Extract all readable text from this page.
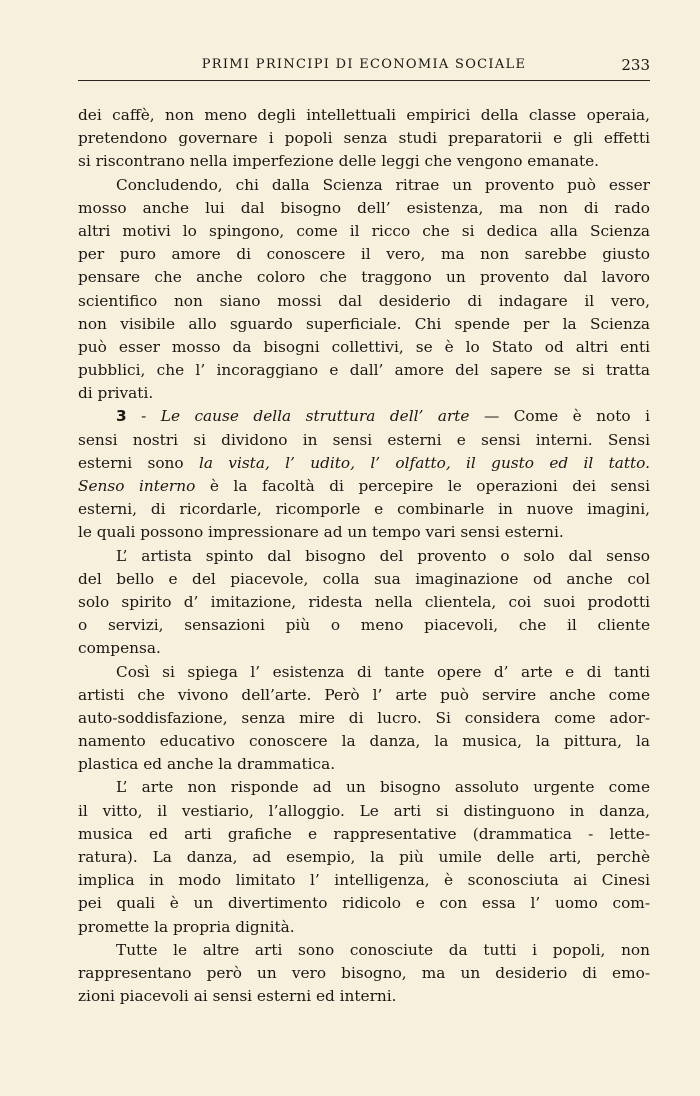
PRIMI PRINCIPI DI ECONOMIA SOCIALE	233
dei caffè, non meno degli intellettuali empirici della classe operaia,
pretendono governare i popoli senza studi preparatorii e gli effetti
si riscontrano nella imperfezione delle leggi che vengono emanate.
Concludendo, chi dalla Scienza ritrae un provento può esser
mosso anche lui dal bisogno dell’ esistenza, ma non di rado
altri motivi lo spingono, come il ricco che si dedica alla Scienza
per puro amore di conoscere il vero, ma non sarebbe giusto
pensare che anche coloro che traggono un provento dal lavoro
scientifico non siano mossi dal desiderio di indagare il vero,
non visibile allo sguardo superficiale. Chi spende per la Scienza
può esser mosso da bisogni collettivi, se è lo Stato od altri enti
pubblici, che l’ incoraggiano e dall’ amore del sapere se si tratta
di privati.
3 - Le cause della struttura dell’ arte — Come è noto i
sensi nostri si dividono in sensi esterni e sensi interni. Sensi
esterni sono la vista, l’ udito, l’ olfatto, il gusto ed il tatto.
Senso interno è la facoltà di percepire le operazioni dei sensi
esterni, di ricordarle, ricomporle e combinarle in nuove imagini,
le quali possono impressionare ad un tempo vari sensi esterni.
L’ artista spinto dal bisogno del provento o solo dal senso
del bello e del piacevole, colla sua imaginazione od anche col
solo spirito d’ imitazione, ridesta nella clientela, coi suoi prodotti
o servizi, sensazioni più o meno piacevoli, che il cliente
compensa.
Così si spiega l’ esistenza di tante opere d’ arte e di tanti
artisti che vivono dell’arte. Però l’ arte può servire anche come
auto-soddisfazione, senza mire di lucro. Si considera come ador-
namento educativo conoscere la danza, la musica, la pittura, la
plastica ed anche la drammatica.
L’ arte non risponde ad un bisogno assoluto urgente come
il vitto, il vestiario, l’alloggio. Le arti si distinguono in danza,
musica ed arti grafiche e rappresentative (drammatica - lette-
ratura). La danza, ad esempio, la più umile delle arti, perchè
implica in modo limitato l’ intelligenza, è sconosciuta ai Cinesi
pei quali è un divertimento ridicolo e con essa l’ uomo com-
promette la propria dignità.
Tutte le altre arti sono conosciute da tutti i popoli, non
rappresentano però un vero bisogno, ma un desiderio di emo-
zioni piacevoli ai sensi esterni ed interni.
